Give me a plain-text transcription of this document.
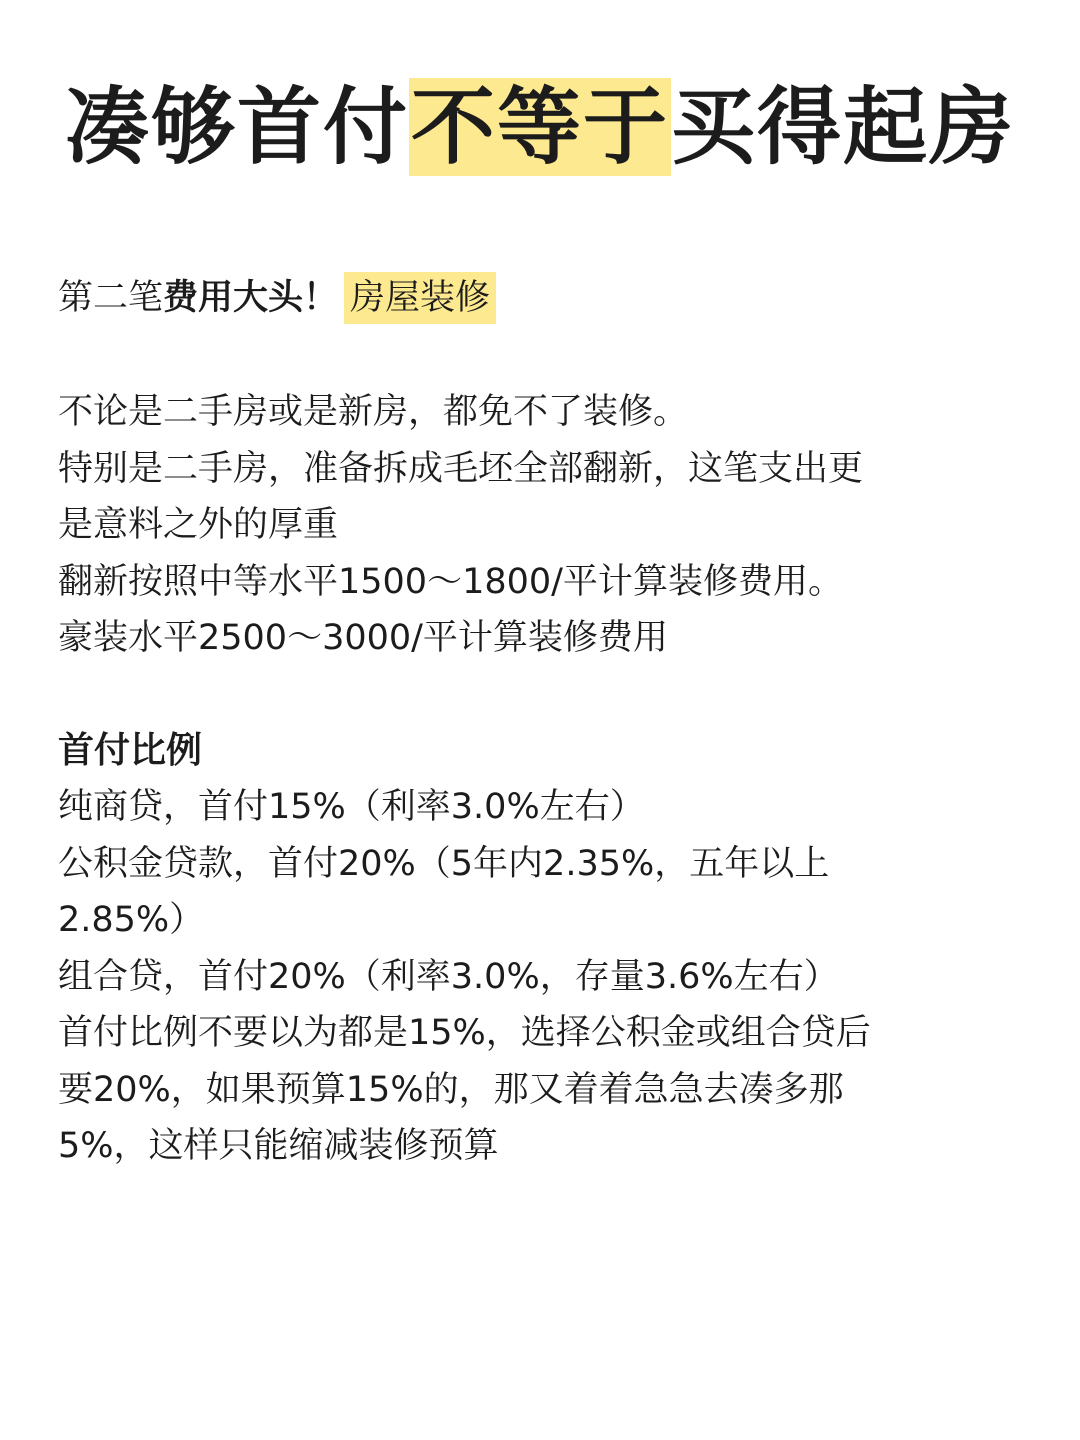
凑够首付不等于买得起房
第二笔费用大头！ 房屋装修
不论是二手房或是新房，都免不了装修。
特别是二手房，准备拆成毛坯全部翻新，这笔支出更
是意料之外的厚重
翻新按照中等水平1500～1800/平计算装修费用。
豪装水平2500～3000/平计算装修费用
首付比例
纯商贷，首付15%（利率3.0%左右）
公积金贷款，首付20%（5年内2.35%，五年以上
2.85%）
组合贷，首付20%（利率3.0%，存量3.6%左右）
首付比例不要以为都是15%，选择公积金或组合贷后
要20%，如果预算15%的，那又着着急急去凑多那
5%，这样只能缩减装修预算
